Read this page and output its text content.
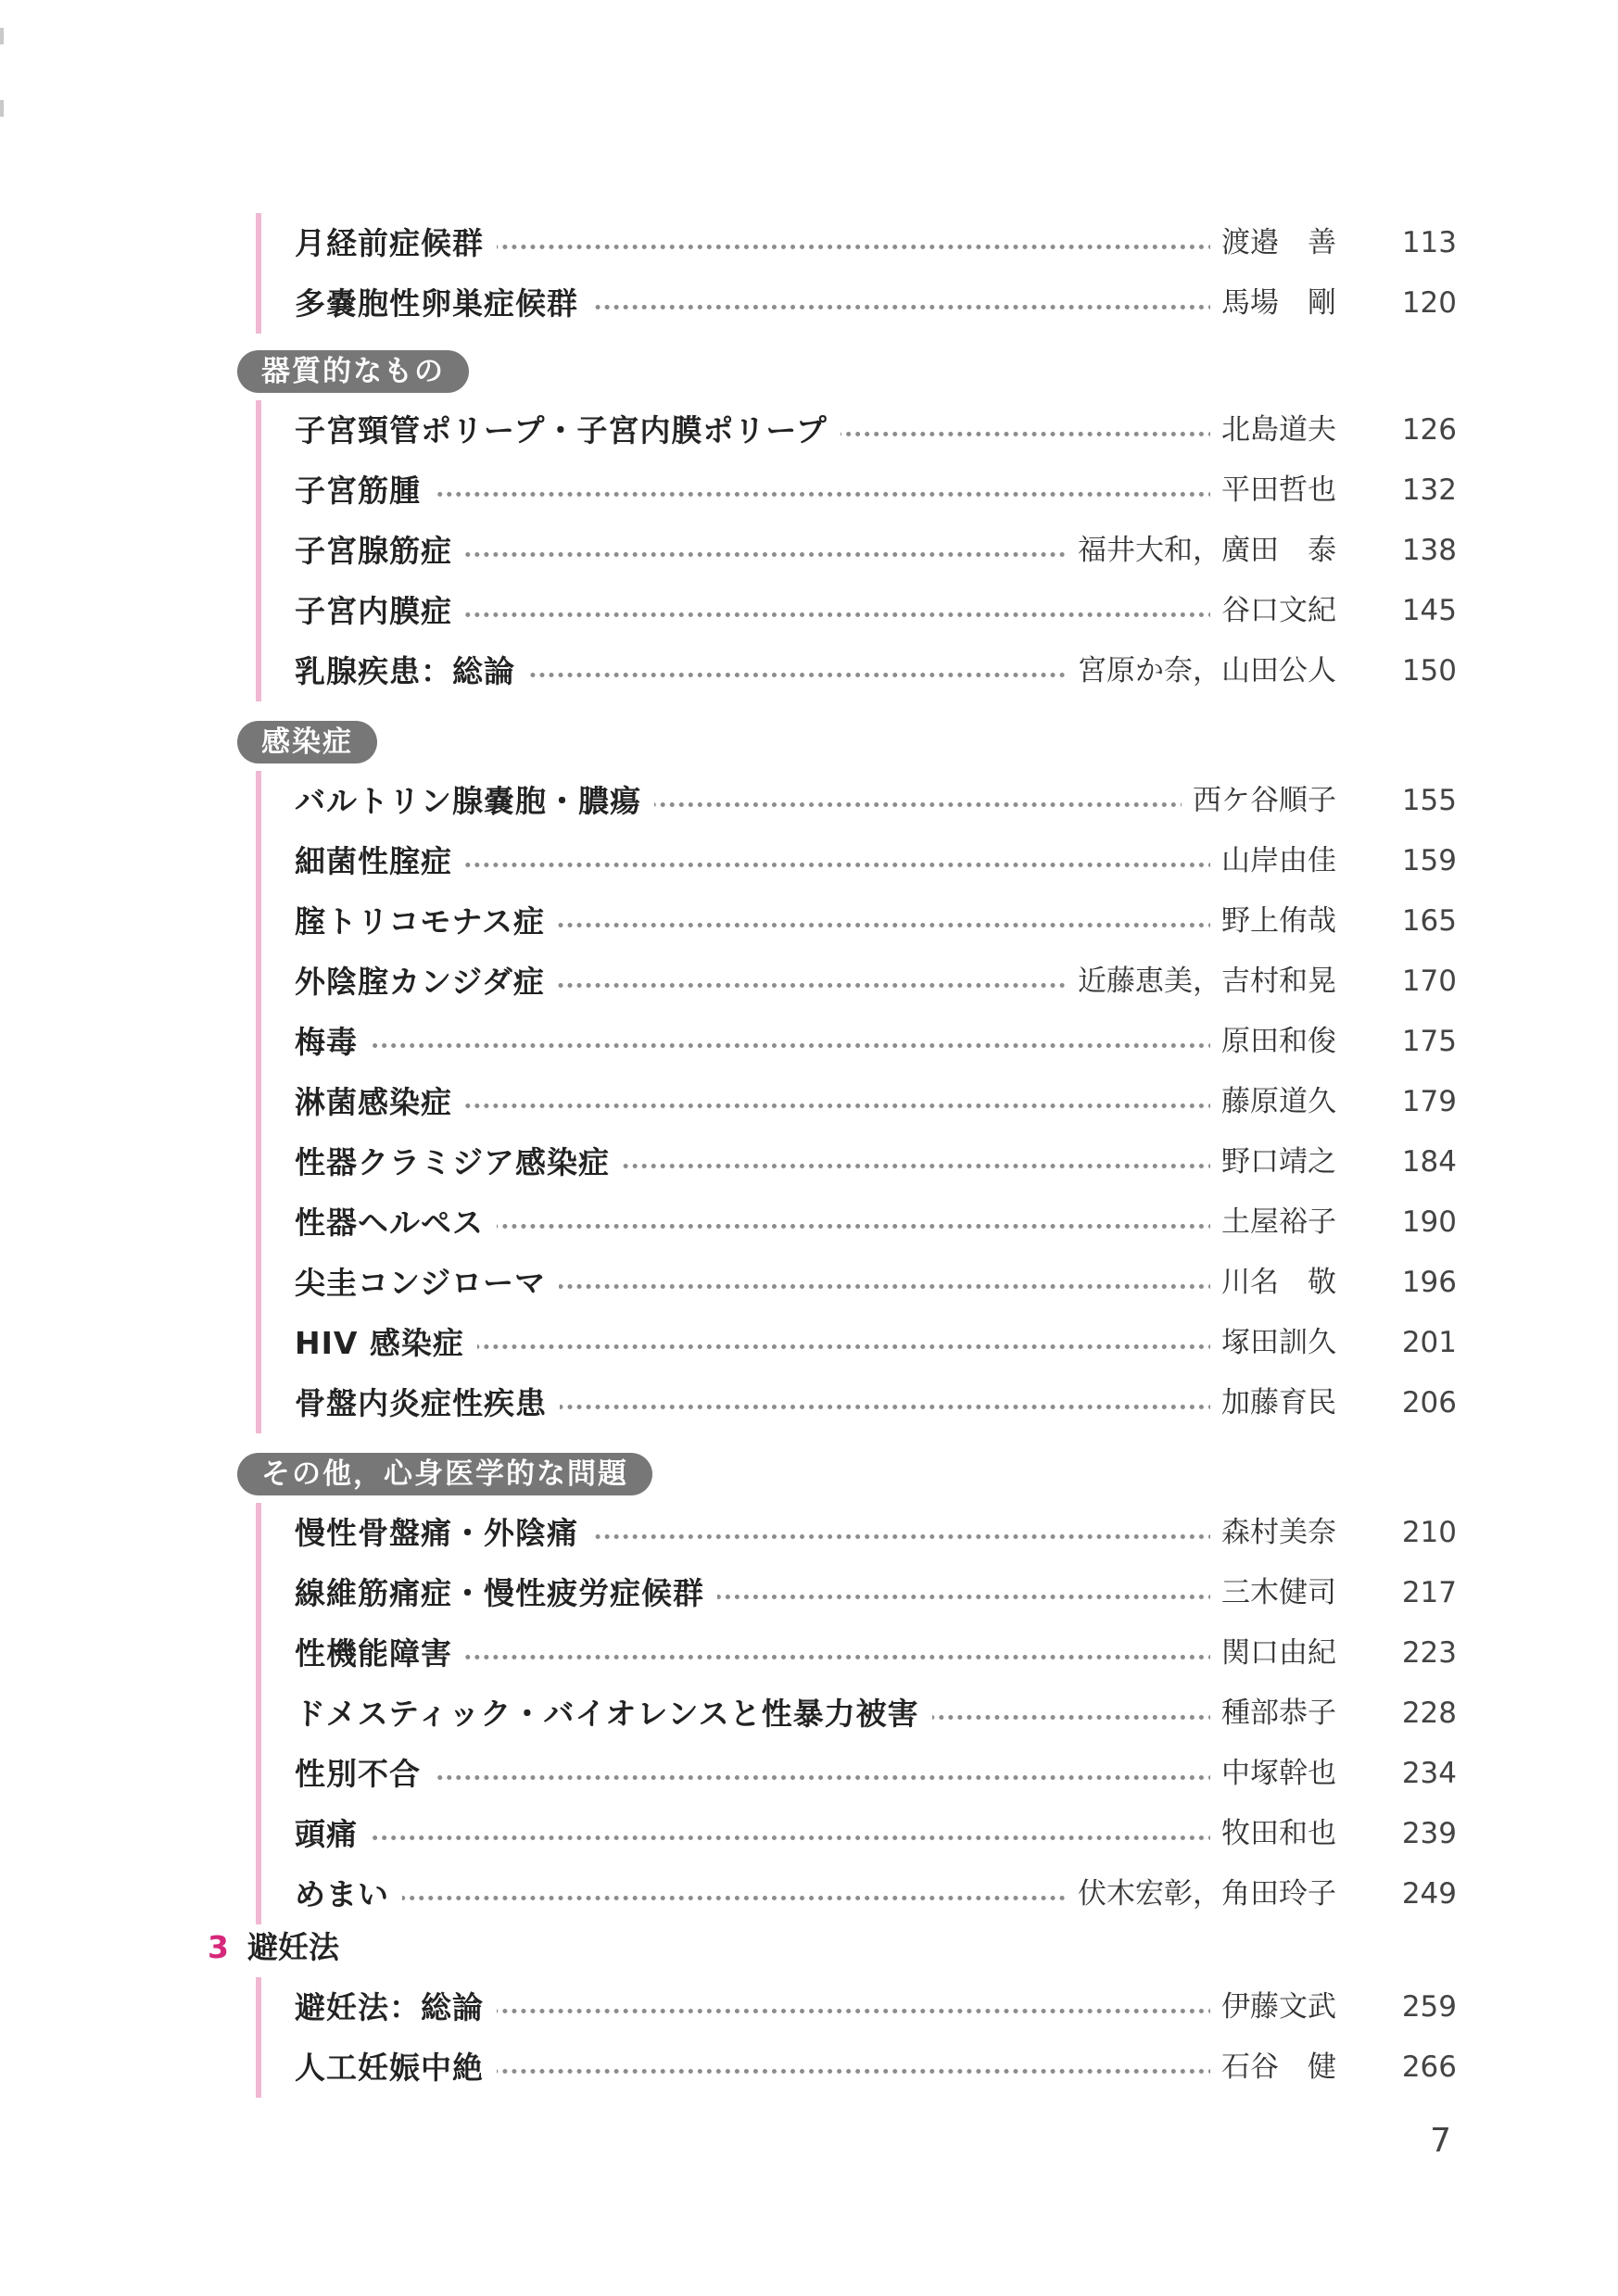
月経前症候群	渡邉　善	113
多嚢胞性卵巣症候群	馬場　剛	120
器質的なもの
子宮頸管ポリープ・子宮内膜ポリープ	北島道夫	126
子宮筋腫	平田哲也	132
子宮腺筋症	福井大和，廣田　泰	138
子宮内膜症	谷口文紀	145
乳腺疾患：総論	宮原か奈，山田公人	150
感染症
バルトリン腺嚢胞・膿瘍	西ケ谷順子	155
細菌性腟症	山岸由佳	159
腟トリコモナス症	野上侑哉	165
外陰腟カンジダ症	近藤恵美，吉村和晃	170
梅毒	原田和俊	175
淋菌感染症	藤原道久	179
性器クラミジア感染症	野口靖之	184
性器ヘルペス	土屋裕子	190
尖圭コンジローマ	川名　敬	196
HIV 感染症	塚田訓久	201
骨盤内炎症性疾患	加藤育民	206
その他，心身医学的な問題
慢性骨盤痛・外陰痛	森村美奈	210
線維筋痛症・慢性疲労症候群	三木健司	217
性機能障害	関口由紀	223
ドメスティック・バイオレンスと性暴力被害	種部恭子	228
性別不合	中塚幹也	234
頭痛	牧田和也	239
めまい	伏木宏彰，角田玲子	249
3 避妊法
避妊法：総論	伊藤文武	259
人工妊娠中絶	石谷　健	266
7
